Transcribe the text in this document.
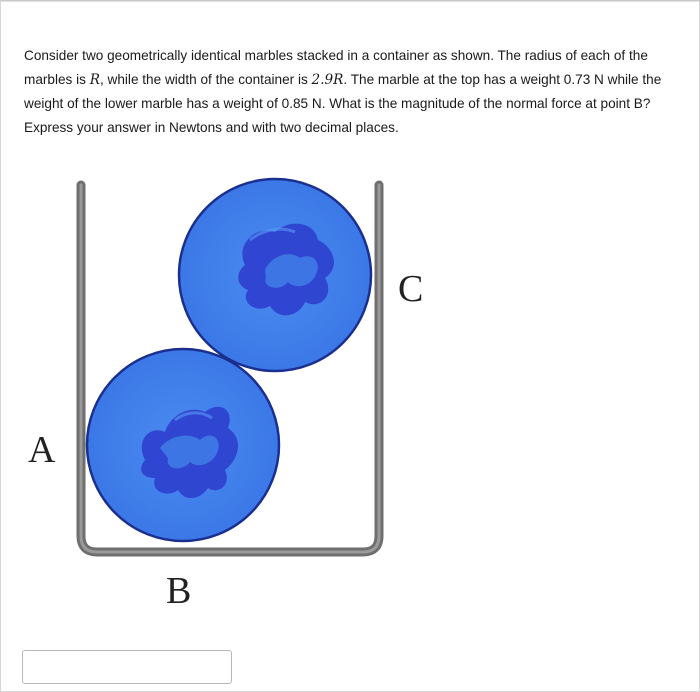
Consider two geometrically identical marbles stacked in a container as shown. The radius of each of the marbles is R, while the width of the container is 2.9R. The marble at the top has a weight 0.73 N while the weight of the lower marble has a weight of 0.85 N. What is the magnitude of the normal force at point B? Express your answer in Newtons and with two decimal places.
A
B
C
